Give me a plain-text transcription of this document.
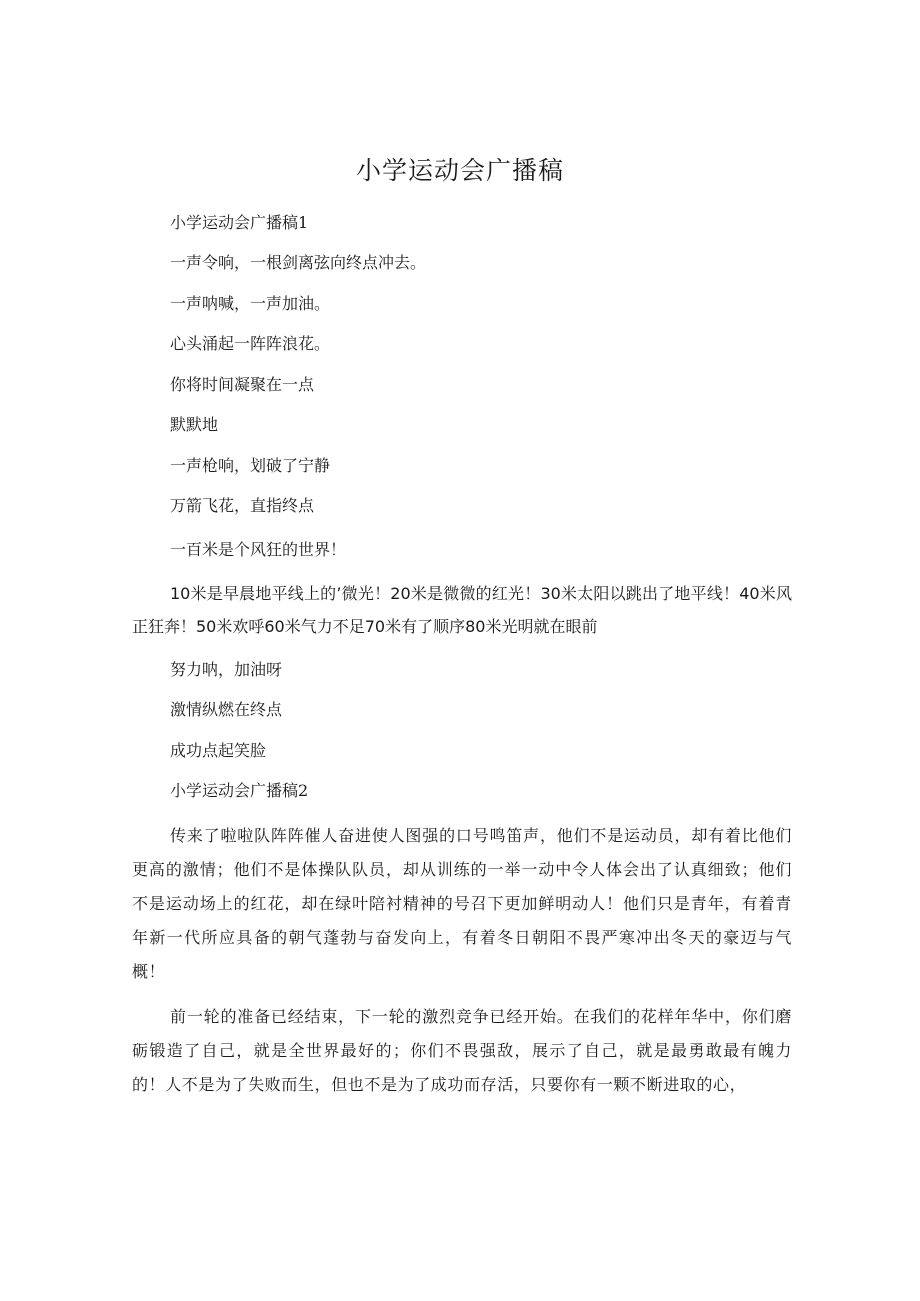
小学运动会广播稿

小学运动会广播稿1

一声令响，一根剑离弦向终点冲去。

一声呐喊，一声加油。

心头涌起一阵阵浪花。

你将时间凝聚在一点

默默地

一声枪响，划破了宁静

万箭飞花，直指终点

一百米是个风狂的世界！

10米是早晨地平线上的’微光！20米是微微的红光！30米太阳以跳出了地平线！40米风正狂奔！50米欢呼60米气力不足70米有了顺序80米光明就在眼前

努力呐，加油呀

激情纵燃在终点

成功点起笑脸

小学运动会广播稿2

传来了啦啦队阵阵催人奋进使人图强的口号鸣笛声，他们不是运动员，却有着比他们更高的激情；他们不是体操队队员，却从训练的一举一动中令人体会出了认真细致；他们不是运动场上的红花，却在绿叶陪衬精神的号召下更加鲜明动人！他们只是青年，有着青年新一代所应具备的朝气蓬勃与奋发向上，有着冬日朝阳不畏严寒冲出冬天的豪迈与气概！

前一轮的准备已经结束，下一轮的激烈竞争已经开始。在我们的花样年华中，你们磨砺锻造了自己，就是全世界最好的；你们不畏强敌，展示了自己，就是最勇敢最有魄力的！人不是为了失败而生，但也不是为了成功而存活，只要你有一颗不断进取的心，
